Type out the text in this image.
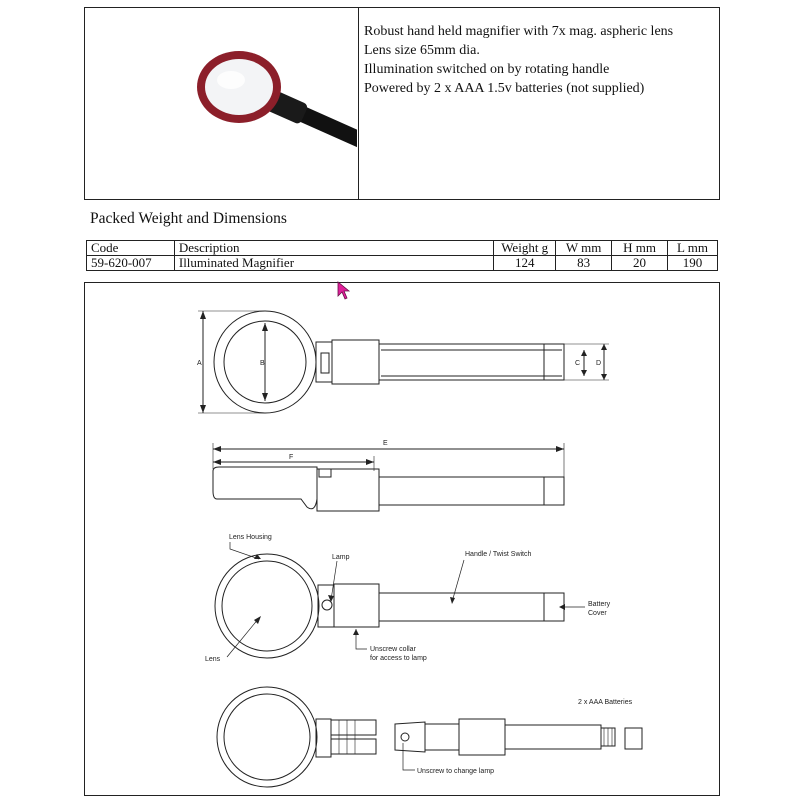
Robust hand held magnifier with 7x mag. aspheric lens
Lens size 65mm dia.
Illumination switched on by rotating handle
Powered by 2 x AAA 1.5v batteries (not supplied)
Packed Weight and Dimensions
Code	Description	Weight g	W mm	H mm	L mm
59-620-007	Illuminated Magnifier	124	83	20	190
A	B	C D
E
F
Lens Housing
Lamp	Handle / Twist Switch
Battery
Cover
Lens
Unscrew collar
for access to lamp
2 x AAA Batteries
Unscrew to change lamp
